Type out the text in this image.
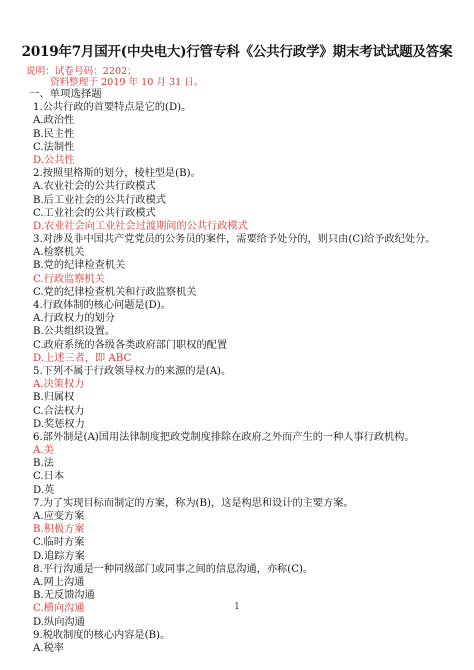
2019年7月国开(中央电大)行管专科《公共行政学》期末考试试题及答案
说明：试卷号码：2202；
资料整理于 2019 年 10 月 31 日。
一、单项选择题
1.公共行政的首要特点是它的(D)。
A.政治性
B.民主性
C.法制性
D.公共性
2.按照里格斯的划分，棱柱型是(B)。
A.农业社会的公共行政模式
B.后工业社会的公共行政模式
C.工业社会的公共行政模式
D.农业社会向工业社会过渡期间的公共行政模式
3.对涉及非中国共产党党员的公务员的案件，需要给予处分的，则只由(C)给予政纪处分。
A.检察机关
B.党的纪律检查机关
C.行政监察机关
C.党的纪律检查机关和行政监察机关
4.行政体制的核心问题是(D)。
A.行政权力的划分
B.公共组织设置。
C.政府系统的各级各类政府部门职权的配置
D.上述三者，即 ABC
5.下列不属于行政领导权力的来源的是(A)。
A.决策权力
B.归属权
C.合法权力
D.奖惩权力
6.部外制是(A)国用法律制度把政党制度排除在政府之外而产生的一种人事行政机构。
A.美
B.法
C.日本
D.英
7.为了实现目标而制定的方案，称为(B)，这是构思和设计的主要方案。
A.应变方案
B.积极方案
C.临时方案
D.追踪方案
8.平行沟通是一种同级部门或同事之间的信息沟通，亦称(C)。
A.网上沟通
B.无反馈沟通
C.横向沟通
D.纵向沟通
9.税收制度的核心内容是(B)。
A.税率
1
